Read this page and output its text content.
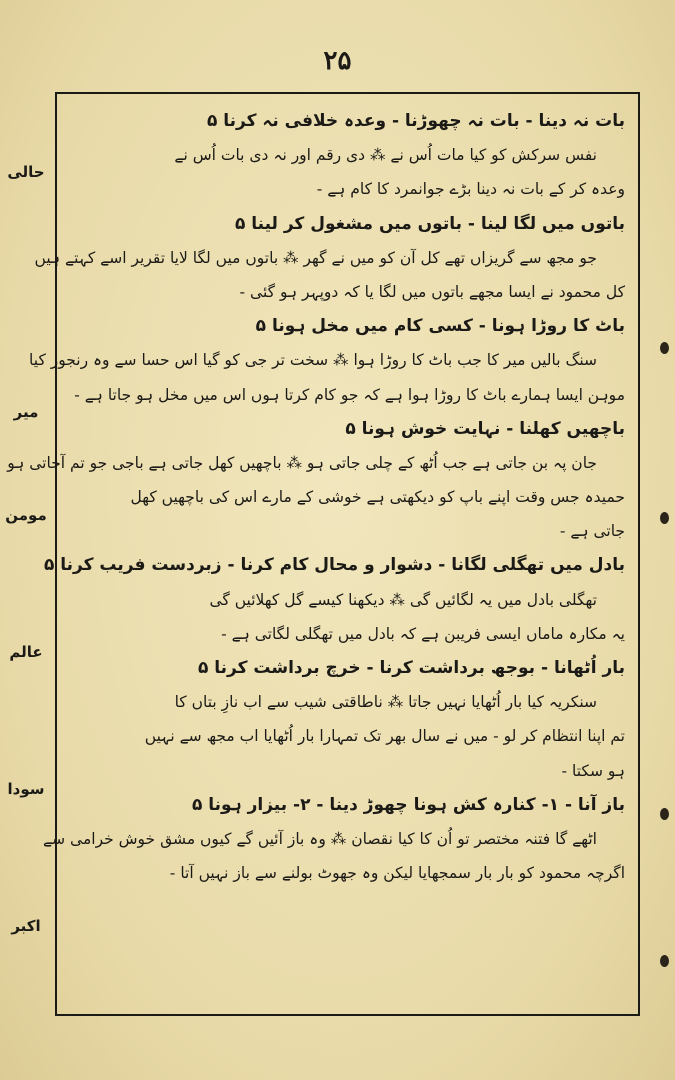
۲۵
بات نہ دینا - بات نہ چھوڑنا - وعدہ خلافی نہ کرنا ۵
نفس سرکش کو کیا مات اُس نے ⁂ دی رقم اور نہ دی بات اُس نے
وعدہ کر کے بات نہ دینا بڑے جوانمرد کا کام ہے -
باتوں میں لگا لینا - باتوں میں مشغول کر لینا ۵
جو مجھ سے گریزاں تھے کل آن کو میں نے گھر ⁂ باتوں میں لگا لایا تقریر اسے کہتے ہیں
کل محمود نے ایسا مجھے باتوں میں لگا یا کہ دوپہر ہو گئی -
باٹ کا روڑا ہونا - کسی کام میں مخل ہونا ۵
سنگ بالیں میر کا جب باٹ کا روڑا ہوا ⁂ سخت تر جی کو گیا اس حسا سے وہ رنجور کیا
موہن ایسا ہمارے باٹ کا روڑا ہوا ہے کہ جو کام کرتا ہوں اس میں مخل ہو جاتا ہے -
باچھیں کھلنا - نہایت خوش ہونا ۵
جان پہ بن جاتی ہے جب اُٹھ کے چلی جاتی ہو ⁂ باچھیں کھل جاتی ہے باجی جو تم آجاتی ہو
حمیدہ جس وقت اپنے باپ کو دیکھتی ہے خوشی کے مارے اس کی باچھیں کھل
جاتی ہے -
بادل میں تھگلی لگانا - دشوار و محال کام کرنا - زبردست فریب کرنا ۵
تھگلی بادل میں یہ لگائیں گی ⁂ دیکھنا کیسے گل کھلائیں گی
یہ مکارہ ماماں ایسی فریبن ہے کہ بادل میں تھگلی لگاتی ہے -
بار اُٹھانا - بوجھ برداشت کرنا - خرچ برداشت کرنا ۵
سنکریہ کیا بار اُٹھایا نہیں جاتا ⁂ ناطاقتی شیب سے اب نازِ بتاں کا
تم اپنا انتظام کر لو - میں نے سال بھر تک تمہارا بار اُٹھایا اب مجھ سے نہیں
ہو سکتا -
باز آنا - ۱- کنارہ کش ہونا چھوڑ دینا - ۲- بیزار ہونا ۵
اٹھے گا فتنہ مختصر تو اُن کا کیا نقصان ⁂ وہ باز آئیں گے کیوں مشق خوش خرامی سے
اگرچہ محمود کو بار بار سمجھایا لیکن وہ جھوٹ بولنے سے باز نہیں آتا -
حالی
میر
مومن
عالم
سودا
اکبر
